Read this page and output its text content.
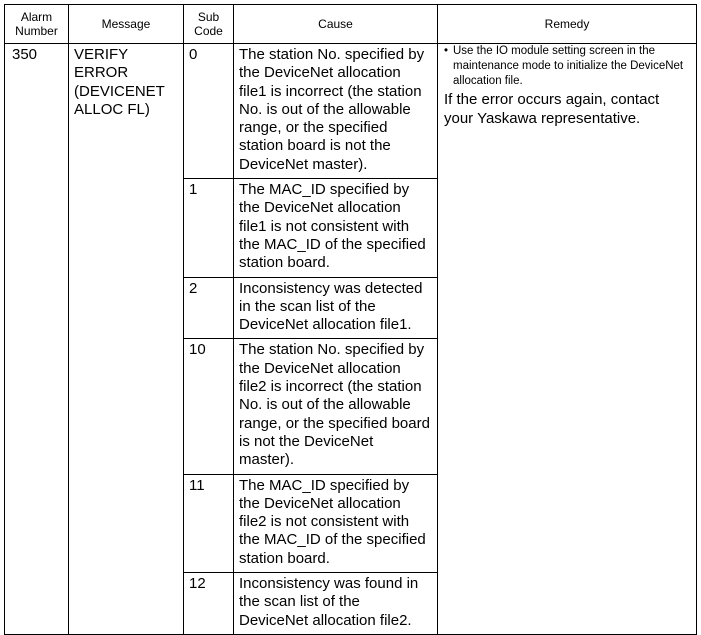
Alarm Number	Message	Sub Code	Cause	Remedy
350	VERIFY ERROR (DEVICENET ALLOC FL)	0	The station No. specified by the DeviceNet allocation file1 is incorrect (the station No. is out of the allowable range, or the specified station board is not the DeviceNet master).	• Use the IO module setting screen in the maintenance mode to initialize the DeviceNet allocation file.
If the error occurs again, contact your Yaskawa representative.

		1	The MAC_ID specified by the DeviceNet allocation file1 is not consistent with the MAC_ID of the specified station board.	
		2	Inconsistency was detected in the scan list of the DeviceNet allocation file1.	
		10	The station No. specified by the DeviceNet allocation file2 is incorrect (the station No. is out of the allowable range, or the specified board is not the DeviceNet master).	
		11	The MAC_ID specified by the DeviceNet allocation file2 is not consistent with the MAC_ID of the specified station board.	
		12	Inconsistency was found in the scan list of the DeviceNet allocation file2.	
